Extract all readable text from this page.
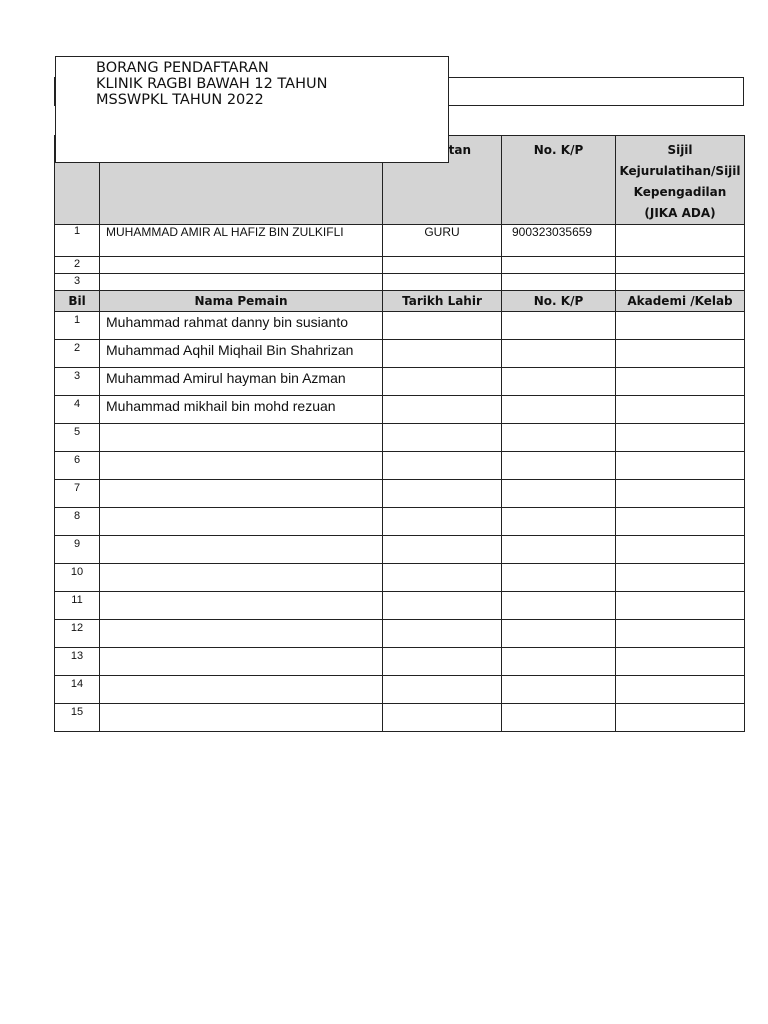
		tan	No. K/P	Sijil
Kejurulatihan/Sijil
Kepengadilan
(JIKA ADA)

1	MUHAMMAD AMIR AL HAFIZ BIN ZULKIFLI	GURU	900323035659	
2				
3				
Bil	Nama Pemain	Tarikh Lahir	No. K/P	Akademi /Kelab
1	Muhammad rahmat danny bin susianto			
2	Muhammad Aqhil Miqhail Bin Shahrizan			
3	Muhammad Amirul hayman bin Azman			
4	Muhammad mikhail bin mohd rezuan			
5				
6				
7				
8				
9				
10				
11				
12				
13				
14				
15				
BORANG PENDAFTARAN
KLINIK RAGBI BAWAH 12 TAHUN
MSSWPKL TAHUN 2022
